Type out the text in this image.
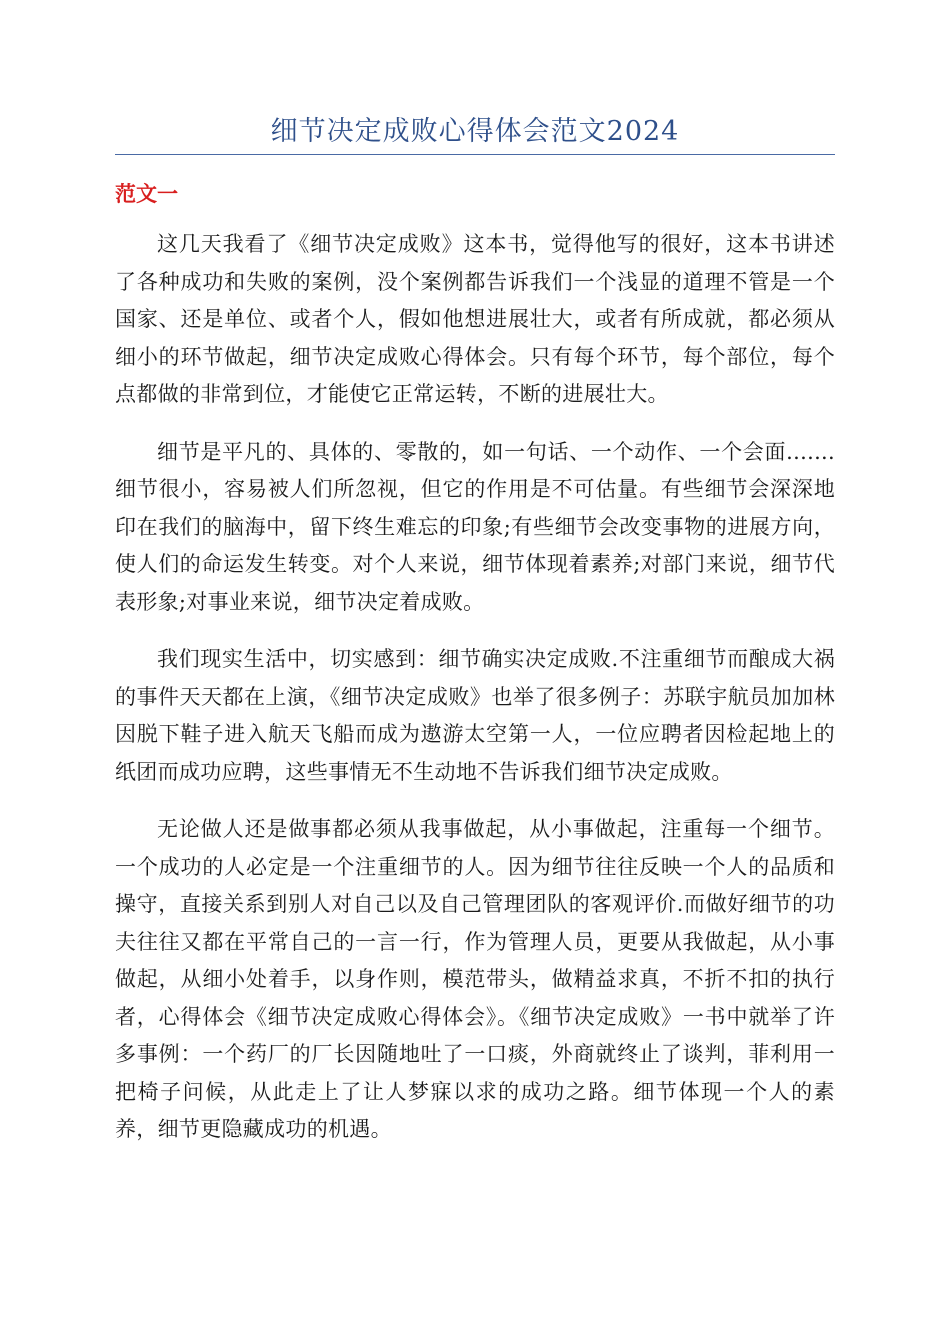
细节决定成败心得体会范文2024
范文一

这几天我看了《细节决定成败》这本书，觉得他写的很好，这本书讲述了各种成功和失败的案例，没个案例都告诉我们一个浅显的道理不管是一个国家、还是单位、或者个人，假如他想进展壮大，或者有所成就，都必须从细小的环节做起，细节决定成败心得体会。只有每个环节，每个部位，每个点都做的非常到位，才能使它正常运转，不断的进展壮大。

细节是平凡的、具体的、零散的，如一句话、一个动作、一个会面.......细节很小，容易被人们所忽视，但它的作用是不可估量。有些细节会深深地印在我们的脑海中，留下终生难忘的印象;有些细节会改变事物的进展方向，使人们的命运发生转变。对个人来说，细节体现着素养;对部门来说，细节代表形象;对事业来说，细节决定着成败。

我们现实生活中，切实感到：细节确实决定成败.不注重细节而酿成大祸的事件天天都在上演，《细节决定成败》也举了很多例子：苏联宇航员加加林因脱下鞋子进入航天飞船而成为遨游太空第一人，一位应聘者因检起地上的纸团而成功应聘，这些事情无不生动地不告诉我们细节决定成败。

无论做人还是做事都必须从我事做起，从小事做起，注重每一个细节。一个成功的人必定是一个注重细节的人。因为细节往往反映一个人的品质和操守，直接关系到别人对自己以及自己管理团队的客观评价.而做好细节的功夫往往又都在平常自己的一言一行，作为管理人员，更要从我做起，从小事做起，从细小处着手，以身作则，模范带头，做精益求真，不折不扣的执行者，心得体会《细节决定成败心得体会》。《细节决定成败》一书中就举了许多事例：一个药厂的厂长因随地吐了一口痰，外商就终止了谈判，菲利用一把椅子问候，从此走上了让人梦寐以求的成功之路。细节体现一个人的素养，细节更隐藏成功的机遇。
